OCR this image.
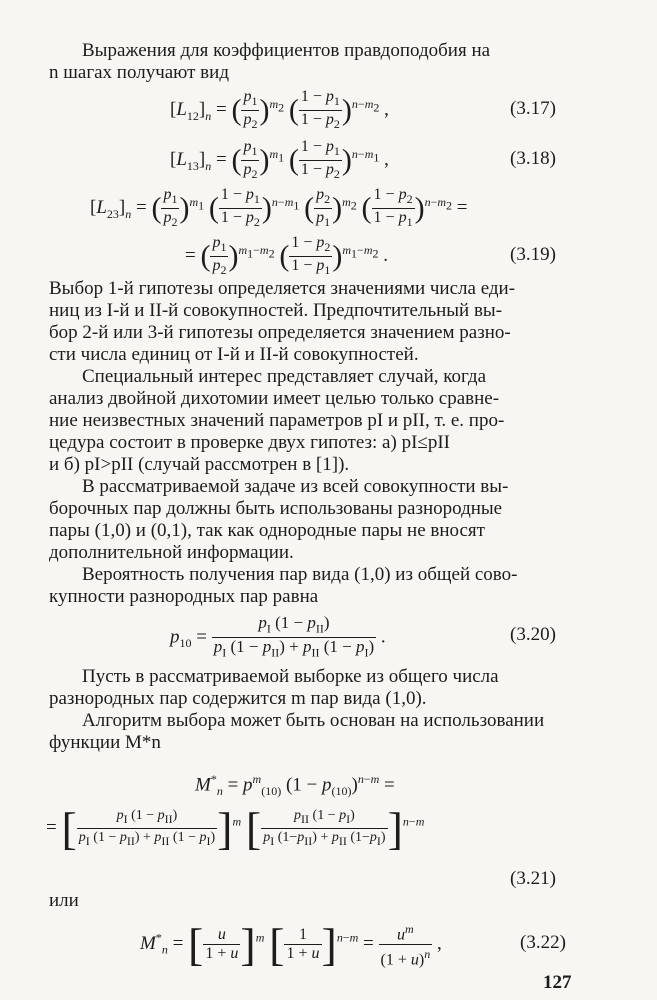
Выражения для коэффициентов правдоподобия на
n шагах получают вид
$[L_{12}]_n$ = ( $\frac{p_1}{p_2} )^{m_2}$ ( $\frac{1 - p_1}{1 - p_2} )^{n-m_2}$ ,	(3.17)
$[L_{13}]_n$ = ( $\frac{p_1}{p_2} )^{m_1}$ ( $\frac{1 - p_1}{1 - p_2} )^{n-m_1}$ ,	(3.18)
$[L_{23}]_n$ = ( $\frac{p_1}{p_2} )^{m_1}$ ( $\frac{1 - p_1}{1 - p_2} )^{n-m_1}$ ( $\frac{p_2}{p_1} )^{m_2}$ ( $\frac{1 - p_2}{1 - p_1} )^{n-m_2}$ =
= ( $\frac{p_1}{p_2} )^{m_1-m_2}$ ( $\frac{1 - p_2}{1 - p_1} )^{m_1-m_2}$ .	(3.19)
Выбор 1-й гипотезы определяется значениями числа еди-
ниц из I-й и II-й совокупностей. Предпочтительный вы-
бор 2-й или 3-й гипотезы определяется значением разно-
сти числа единиц от I-й и II-й совокупностей.
Специальный интерес представляет случай, когда
анализ двойной дихотомии имеет целью только сравне-
ние неизвестных значений параметров pI и pII, т. е. про-
цедура состоит в проверке двух гипотез: а) pI≤pII
и б) pI>pII (случай рассмотрен в [1]).
В рассматриваемой задаче из всей совокупности вы-
борочных пар должны быть использованы разнородные
пары (1,0) и (0,1), так как однородные пары не вносят
дополнительной информации.
Вероятность получения пар вида (1,0) из общей сово-
купности разнородных пар равна
$p_{10} = \frac{p_I (1 - p_{II})}{p_I (1 - p_{II}) + p_{II} (1 - p_I)}$ .	(3.20)
Пусть в рассматриваемой выборке из общего числа
разнородных пар содержится m пар вида (1,0).
Алгоритм выбора может быть основан на использовании
функции M*n
$M^*_n = p^m_{(10)}$ $(1 - p_{(10)})^{n-m}$ =
= [ $\frac{p_I (1 - p_{II})}{p_I (1 - p_{II}) + p_{II} (1 - p_I)} ]^m$ [ $\frac{p_{II} (1 - p_I)}{p_I (1-p_{II}) + p_{II} (1-p_I)} ]^{n-m}$
(3.21)
или
$M^*_n$ = [ $\frac{u}{1 + u} ]^m$ [ $\frac{1}{1 + u} ]^{n-m} = \frac{u^m}{(1 + u)^n}$ ,	(3.22)
127
